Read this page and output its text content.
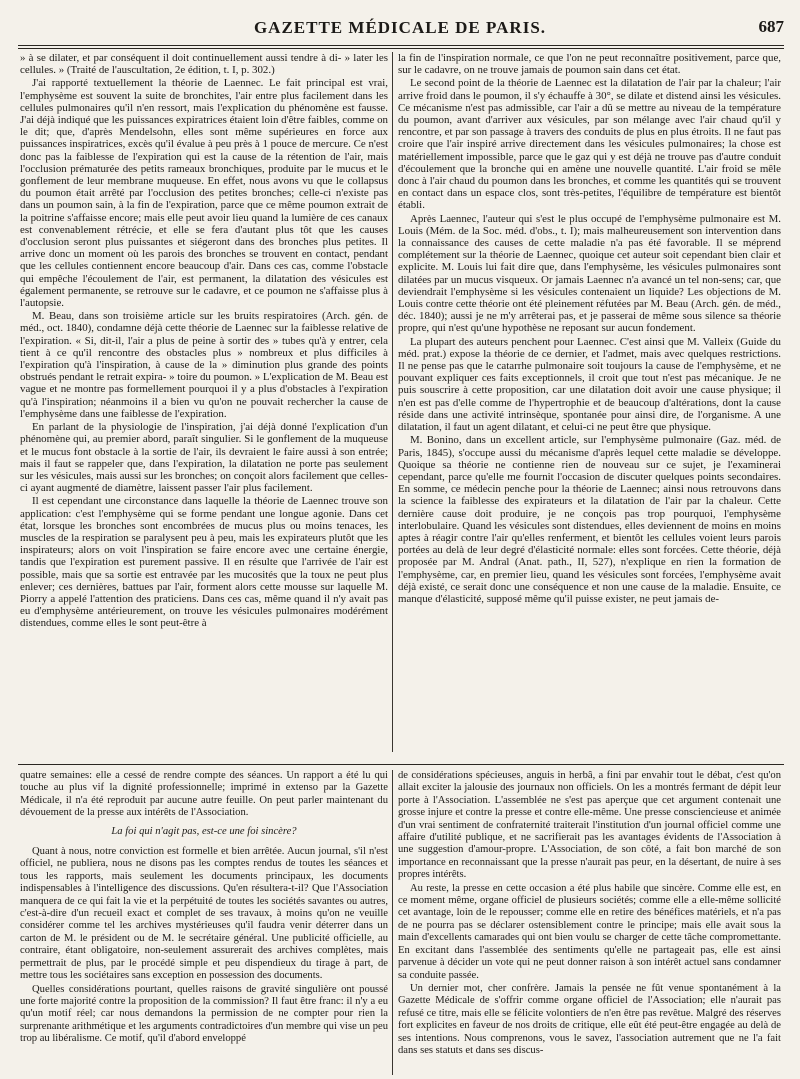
GAZETTE MÉDICALE DE PARIS.	687

» à se dilater, et par conséquent il doit continuellement aussi tendre à di- » later les cellules. » (Traité de l'auscultation, 2e édition, t. I, p. 302.)

J'ai rapporté textuellement la théorie de Laennec. Le fait principal est vrai, l'emphysème est souvent la suite de bronchites, l'air entre plus facilement dans les cellules pulmonaires qu'il n'en ressort, mais l'explication du phénomène est fausse. J'ai déjà indiqué que les puissances expiratrices étaient loin d'être faibles, comme on le dit; que, d'après Mendelsohn, elles sont même supérieures en force aux puissances inspiratrices, excès qu'il évalue à peu près à 1 pouce de mercure. Ce n'est donc pas la faiblesse de l'expiration qui est la cause de la rétention de l'air, mais l'occlusion prématurée des petits rameaux bronchiques, produite par le mucus et le gonflement de leur membrane muqueuse. En effet, nous avons vu que le collapsus du poumon était arrêté par l'occlusion des petites bronches; celle-ci n'existe pas dans un poumon sain, à la fin de l'expiration, parce que ce même poumon extrait de la poitrine s'affaisse encore; mais elle peut avoir lieu quand la lumière de ces canaux est convenablement rétrécie, et elle se fera d'autant plus tôt que les causes d'occlusion seront plus puissantes et siégeront dans des bronches plus petites. Il arrive donc un moment où les parois des bronches se trouvent en contact, pendant que les cellules contiennent encore beaucoup d'air. Dans ces cas, comme l'obstacle qui empêche l'écoulement de l'air, est permanent, la dilatation des vésicules est également permanente, se retrouve sur le cadavre, et ce poumon ne s'affaisse plus à l'autopsie.

M. Beau, dans son troisième article sur les bruits respiratoires (Arch. gén. de méd., oct. 1840), condamne déjà cette théorie de Laennec sur la faiblesse relative de l'expiration. « Si, dit-il, l'air a plus de peine à sortir des » tubes qu'à y entrer, cela tient à ce qu'il rencontre des obstacles plus » nombreux et plus difficiles à l'expiration qu'à l'inspiration, à cause de la » diminution plus grande des points obstrués pendant le retrait expira- » toire du poumon. » L'explication de M. Beau est vague et ne montre pas formellement pourquoi il y a plus d'obstacles à l'expiration qu'à l'inspiration; néanmoins il a bien vu qu'on ne pouvait rechercher la cause de l'emphysème dans une faiblesse de l'expiration.

En parlant de la physiologie de l'inspiration, j'ai déjà donné l'explication d'un phénomène qui, au premier abord, paraît singulier. Si le gonflement de la muqueuse et le mucus font obstacle à la sortie de l'air, ils devraient le faire aussi à son entrée; mais il faut se rappeler que, dans l'expiration, la dilatation ne porte pas seulement sur les vésicules, mais aussi sur les bronches; on conçoit alors facilement que celles-ci ayant augmenté de diamètre, laissent passer l'air plus facilement.

Il est cependant une circonstance dans laquelle la théorie de Laennec trouve son application: c'est l'emphysème qui se forme pendant une longue agonie. Dans cet état, lorsque les bronches sont encombrées de mucus plus ou moins tenaces, les muscles de la respiration se paralysent peu à peu, mais les expirateurs plutôt que les inspirateurs; alors on voit l'inspiration se faire encore avec une certaine énergie, tandis que l'expiration est purement passive. Il en résulte que l'arrivée de l'air est possible, mais que sa sortie est entravée par les mucosités que la toux ne peut plus enlever; ces dernières, battues par l'air, forment alors cette mousse sur laquelle M. Piorry a appelé l'attention des praticiens. Dans ces cas, même quand il n'y avait pas eu d'emphysème antérieurement, on trouve les vésicules pulmonaires modérément distendues, comme elles le sont peut-être à

la fin de l'inspiration normale, ce que l'on ne peut reconnaître positivement, parce que, sur le cadavre, on ne trouve jamais de poumon sain dans cet état.

Le second point de la théorie de Laennec est la dilatation de l'air par la chaleur; l'air arrive froid dans le poumon, il s'y échauffe à 30°, se dilate et distend ainsi les vésicules. Ce mécanisme n'est pas admissible, car l'air a dû se mettre au niveau de la température du poumon, avant d'arriver aux vésicules, par son mélange avec l'air chaud qu'il y rencontre, et par son passage à travers des conduits de plus en plus étroits. Il ne faut pas croire que l'air inspiré arrive directement dans les vésicules pulmonaires; la chose est matériellement impossible, parce que le gaz qui y est déjà ne trouve pas d'autre conduit d'écoulement que la bronche qui en amène une nouvelle quantité. L'air froid se mêle donc à l'air chaud du poumon dans les bronches, et comme les quantités qui se trouvent en contact dans un espace clos, sont très-petites, l'équilibre de température est bientôt établi.

Après Laennec, l'auteur qui s'est le plus occupé de l'emphysème pulmonaire est M. Louis (Mém. de la Soc. méd. d'obs., t. I); mais malheureusement son intervention dans la connaissance des causes de cette maladie n'a pas été favorable. Il se méprend complétement sur la théorie de Laennec, quoique cet auteur soit cependant bien clair et explicite. M. Louis lui fait dire que, dans l'emphysème, les vésicules pulmonaires sont dilatées par un mucus visqueux. Or jamais Laennec n'a avancé un tel non-sens; car, que deviendrait l'emphysème si les vésicules contenaient un liquide? Les objections de M. Louis contre cette théorie ont été pleinement réfutées par M. Beau (Arch. gén. de méd., déc. 1840); aussi je ne m'y arrêterai pas, et je passerai de même sous silence sa théorie propre, qui n'est qu'une hypothèse ne reposant sur aucun fondement.

La plupart des auteurs penchent pour Laennec. C'est ainsi que M. Valleix (Guide du méd. prat.) expose la théorie de ce dernier, et l'admet, mais avec quelques restrictions. Il ne pense pas que le catarrhe pulmonaire soit toujours la cause de l'emphysème, et ne pouvant expliquer ces faits exceptionnels, il croit que tout n'est pas mécanique. Je ne puis souscrire à cette proposition, car une dilatation doit avoir une cause physique; il n'en est pas d'elle comme de l'hypertrophie et de beaucoup d'altérations, dont la cause réside dans une activité intrinsèque, spontanée pour ainsi dire, de l'organisme. A une dilatation, il faut un agent dilatant, et celui-ci ne peut être que physique.

M. Bonino, dans un excellent article, sur l'emphysème pulmonaire (Gaz. méd. de Paris, 1845), s'occupe aussi du mécanisme d'après lequel cette maladie se développe. Quoique sa théorie ne contienne rien de nouveau sur ce sujet, je l'examinerai cependant, parce qu'elle me fournit l'occasion de discuter quelques points secondaires. En somme, ce médecin penche pour la théorie de Laennec; ainsi nous retrouvons dans la science la faiblesse des expirateurs et la dilatation de l'air par la chaleur. Cette dernière cause doit produire, je ne conçois pas trop pourquoi, l'emphysème interlobulaire. Quand les vésicules sont distendues, elles deviennent de moins en moins aptes à réagir contre l'air qu'elles renferment, et bientôt les cellules voient leurs parois portées au delà de leur degré d'élasticité normale: elles sont forcées. Cette théorie, déjà proposée par M. Andral (Anat. path., II, 527), n'explique en rien la formation de l'emphysème, car, en premier lieu, quand les vésicules sont forcées, l'emphysème avait déjà existé, ce serait donc une conséquence et non une cause de la maladie. Ensuite, ce manque d'élasticité, supposé même qu'il puisse exister, ne peut jamais de-

quatre semaines: elle a cessé de rendre compte des séances. Un rapport a été lu qui touche au plus vif la dignité professionnelle; imprimé in extenso par la Gazette Médicale, il n'a été reproduit par aucune autre feuille. On peut parler maintenant du dévouement de la presse aux intérêts de l'Association.

La foi qui n'agit pas, est-ce une foi sincère?

Quant à nous, notre conviction est formelle et bien arrêtée. Aucun journal, s'il n'est officiel, ne publiera, nous ne disons pas les comptes rendus de toutes les séances et tous les rapports, mais seulement les documents principaux, les documents indispensables à l'intelligence des discussions. Qu'en résultera-t-il? Que l'Association manquera de ce qui fait la vie et la perpétuité de toutes les sociétés savantes ou autres, c'est-à-dire d'un recueil exact et complet de ses travaux, à moins qu'on ne veuille considérer comme tel les archives mystérieuses qu'il faudra venir déterrer dans un carton de M. le président ou de M. le secrétaire général. Une publicité officielle, au contraire, étant obligatoire, non-seulement assurerait des archives complètes, mais permettrait de plus, par le procédé simple et peu dispendieux du tirage à part, de mettre tous les sociétaires sans exception en possession des documents.

Quelles considérations pourtant, quelles raisons de gravité singulière ont poussé une forte majorité contre la proposition de la commission? Il faut être franc: il n'y a eu qu'un motif réel; car nous demandons la permission de ne compter pour rien la surprenante arithmétique et les arguments contradictoires d'un membre qui vise un peu trop au libéralisme. Ce motif, qu'il d'abord enveloppé

de considérations spécieuses, anguis in herbâ, a fini par envahir tout le débat, c'est qu'on allait exciter la jalousie des journaux non officiels. On les a montrés fermant de dépit leur porte à l'Association. L'assemblée ne s'est pas aperçue que cet argument contenait une grosse injure et contre la presse et contre elle-même. Une presse consciencieuse et animée d'un vrai sentiment de confraternité traiterait l'institution d'un journal officiel comme une affaire d'utilité publique, et ne sacrifierait pas les avantages évidents de l'Association à une suggestion d'amour-propre. L'Association, de son côté, a fait bon marché de son importance en reconnaissant que la presse n'aurait pas peur, en la désertant, de nuire à ses propres intérêts.

Au reste, la presse en cette occasion a été plus habile que sincère. Comme elle est, en ce moment même, organe officiel de plusieurs sociétés; comme elle a elle-même sollicité cet avantage, loin de le repousser; comme elle en retire des bénéfices matériels, et n'a pas de ne pourra pas se déclarer ostensiblement contre le principe; mais elle avait sous la main d'excellents camarades qui ont bien voulu se charger de cette tâche compromettante. En excitant dans l'assemblée des sentiments qu'elle ne partageait pas, elle est ainsi parvenue à décider un vote qui ne peut donner raison à son intérêt actuel sans condamner sa conduite passée.

Un dernier mot, cher confrère. Jamais la pensée ne fût venue spontanément à la Gazette Médicale de s'offrir comme organe officiel de l'Association; elle n'aurait pas refusé ce titre, mais elle se félicite volontiers de n'en être pas revêtue. Malgré des réserves fort explicites en faveur de nos droits de critique, elle eût été peut-être engagée au delà de ses intentions. Nous comprenons, vous le savez, l'association autrement que ne l'a fait dans ses statuts et dans ses discus-
